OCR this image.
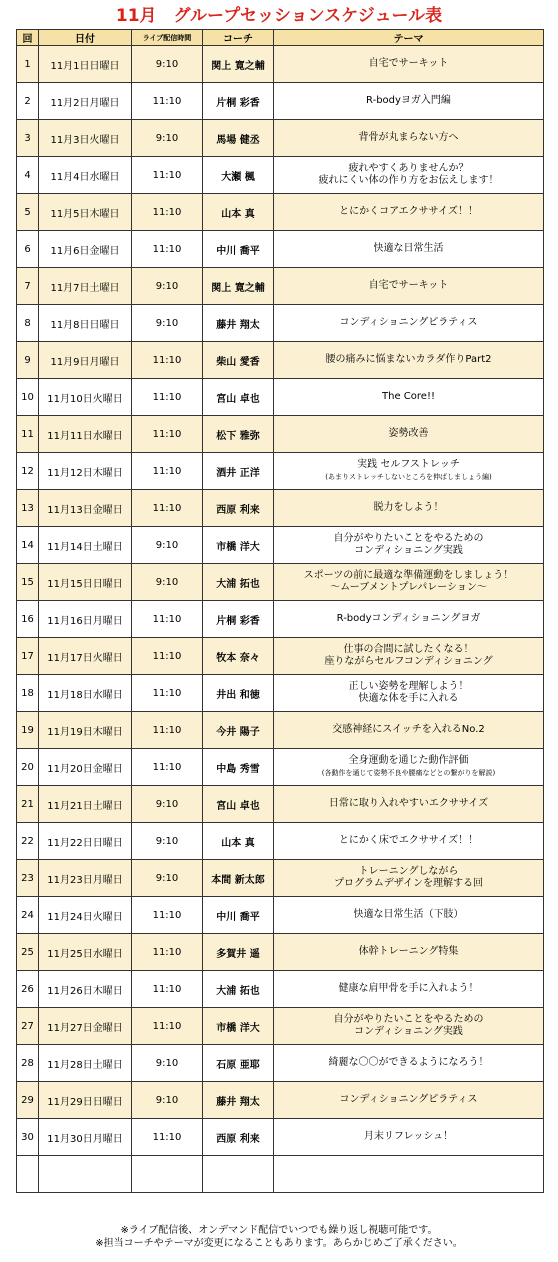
11月　グループセッションスケジュール表
回	日付	ライブ配信時間	コーチ	テーマ
1	11月1日日曜日	9:10	関上 寛之輔	自宅でサーキット

2	11月2日月曜日	11:10	片桐 彩香	R-bodyヨガ入門編

3	11月3日火曜日	9:10	馬場 健丞	背骨が丸まらない方へ

4	11月4日水曜日	11:10	大瀬 楓	疲れやすくありませんか？
疲れにくい体の作り方をお伝えします！

5	11月5日木曜日	11:10	山本 真	とにかくコアエクササイズ！！

6	11月6日金曜日	11:10	中川 喬平	快適な日常生活

7	11月7日土曜日	9:10	関上 寛之輔	自宅でサーキット

8	11月8日日曜日	9:10	藤井 翔太	コンディショニングピラティス

9	11月9日月曜日	11:10	柴山 愛香	腰の痛みに悩まないカラダ作りPart2

10	11月10日火曜日	11:10	宮山 卓也	The Core!!

11	11月11日水曜日	11:10	松下 雅弥	姿勢改善

12	11月12日木曜日	11:10	酒井 正洋	実践 セルフストレッチ
(あまりストレッチしないところを伸ばしましょう編)

13	11月13日金曜日	11:10	西原 利来	脱力をしよう！

14	11月14日土曜日	9:10	市橋 洋大	自分がやりたいことをやるための
コンディショニング実践

15	11月15日日曜日	9:10	大浦 拓也	スポーツの前に最適な準備運動をしましょう！
～ムーブメントプレパレーション～

16	11月16日月曜日	11:10	片桐 彩香	R-bodyコンディショニングヨガ

17	11月17日火曜日	11:10	牧本 奈々	仕事の合間に試したくなる！
座りながらセルフコンディショニング

18	11月18日水曜日	11:10	井出 和徳	正しい姿勢を理解しよう！
快適な体を手に入れる

19	11月19日木曜日	11:10	今井 陽子	交感神経にスイッチを入れるNo.2

20	11月20日金曜日	11:10	中島 秀雪	全身運動を通じた動作評価
(各動作を通じて姿勢不良や腰痛などとの繋がりを解説)

21	11月21日土曜日	9:10	宮山 卓也	日常に取り入れやすいエクササイズ

22	11月22日日曜日	9:10	山本 真	とにかく床でエクササイズ！！

23	11月23日月曜日	9:10	本間 新太郎	トレーニングしながら
プログラムデザインを理解する回

24	11月24日火曜日	11:10	中川 喬平	快適な日常生活（下肢）

25	11月25日水曜日	11:10	多賀井 遥	体幹トレーニング特集

26	11月26日木曜日	11:10	大浦 拓也	健康な肩甲骨を手に入れよう！

27	11月27日金曜日	11:10	市橋 洋大	自分がやりたいことをやるための
コンディショニング実践

28	11月28日土曜日	9:10	石原 亜耶	綺麗な〇〇ができるようになろう！

29	11月29日日曜日	9:10	藤井 翔太	コンディショニングピラティス

30	11月30日月曜日	11:10	西原 利来	月末リフレッシュ！

※ライブ配信後、オンデマンド配信でいつでも繰り返し視聴可能です。
※担当コーチやテーマが変更になることもあります。あらかじめご了承ください。
